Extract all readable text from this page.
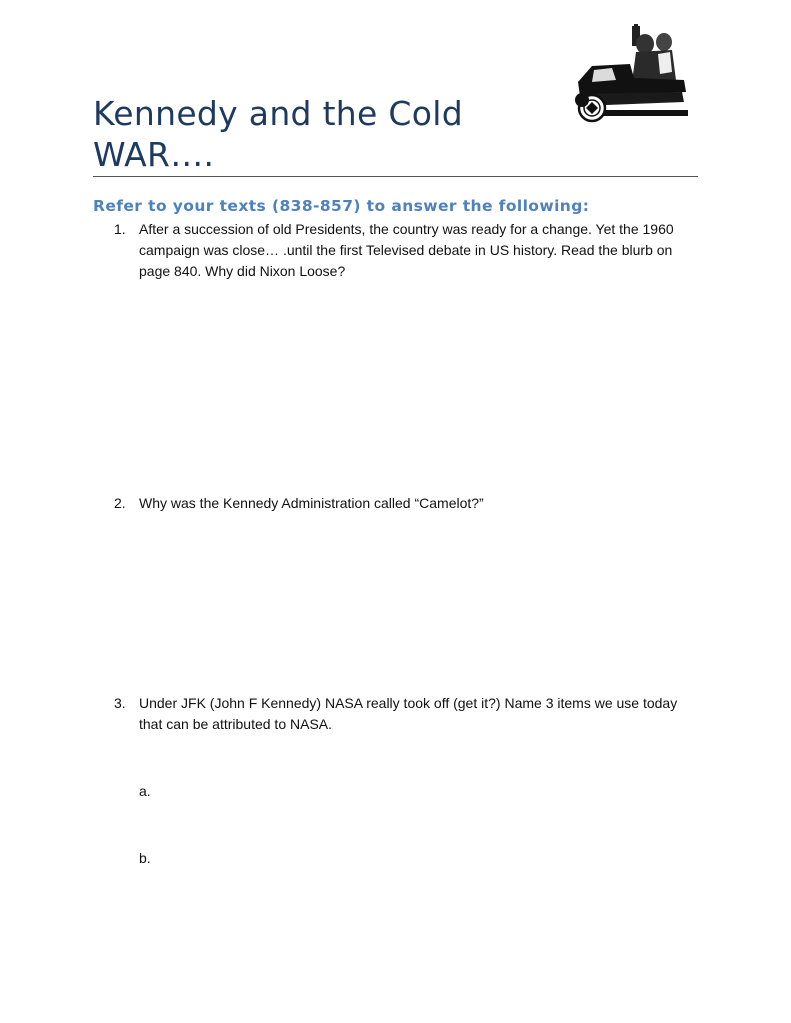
Kennedy and the Cold WAR….
Refer to your texts (838-857) to answer the following:
1. After a succession of old Presidents, the country was ready for a change. Yet the 1960 campaign was close… .until the first Televised debate in US history. Read the blurb on page 840. Why did Nixon Loose?
2. Why was the Kennedy Administration called “Camelot?”
3. Under JFK (John F Kennedy) NASA really took off (get it?) Name 3 items we use today that can be attributed to NASA.
a.
b.
